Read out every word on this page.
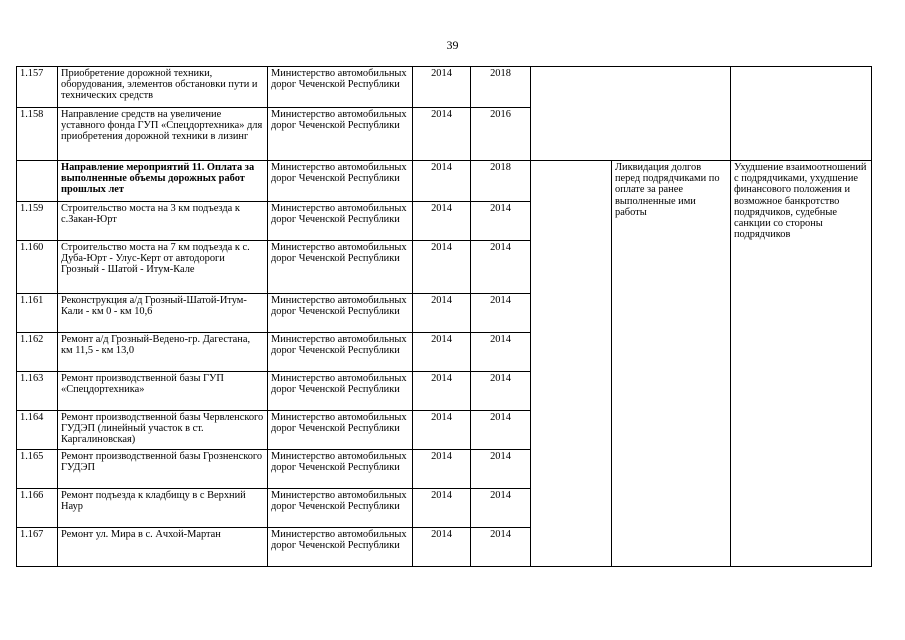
39
1.157	Приобретение дорожной техники, оборудования, элементов обстановки пути и технических средств	Министерство автомобильных дорог Чеченской Республики	2014	2018			
1.158	Направление средств на увеличение уставного фонда ГУП «Спецдортехника» для приобретения дорожной техники в лизинг	Министерство автомобильных дорог Чеченской Республики	2014	2016			
	Направление мероприятий 11. Оплата за выполненные объемы дорожных работ прошлых лет	Министерство автомобильных дорог Чеченской Республики	2014	2018		Ликвидация долгов перед подрядчиками по оплате за ранее выполненные ими работы	Ухудшение взаимоотношений с подрядчиками, ухудшение финансового положения и возможное банкротство подрядчиков, судебные санкции со стороны подрядчиков
1.159	Строительство моста на 3 км подъезда к с.Закан-Юрт	Министерство автомобильных дорог Чеченской Республики	2014	2014			
1.160	Строительство моста на 7 км подъезда к с. Дуба-Юрт - Улус-Керт от автодороги Грозный - Шатой - Итум-Кале	Министерство автомобильных дорог Чеченской Республики	2014	2014			
1.161	Реконструкция а/д Грозный-Шатой-Итум-Кали - км 0 - км 10,6	Министерство автомобильных дорог Чеченской Республики	2014	2014			
1.162	Ремонт а/д Грозный-Ведено-гр. Дагестана, км 11,5 - км 13,0	Министерство автомобильных дорог Чеченской Республики	2014	2014			
1.163	Ремонт производственной базы ГУП «Спецдортехника»	Министерство автомобильных дорог Чеченской Республики	2014	2014			
1.164	Ремонт производственной базы Червленского ГУДЭП (линейный участок в ст. Каргалиновская)	Министерство автомобильных дорог Чеченской Республики	2014	2014			
1.165	Ремонт производственной базы Грозненского ГУДЭП	Министерство автомобильных дорог Чеченской Республики	2014	2014			
1.166	Ремонт подъезда к кладбищу в с Верхний Наур	Министерство автомобильных дорог Чеченской Республики	2014	2014			
1.167	Ремонт ул. Мира в с. Ачхой-Мартан	Министерство автомобильных дорог Чеченской Республики	2014	2014			
